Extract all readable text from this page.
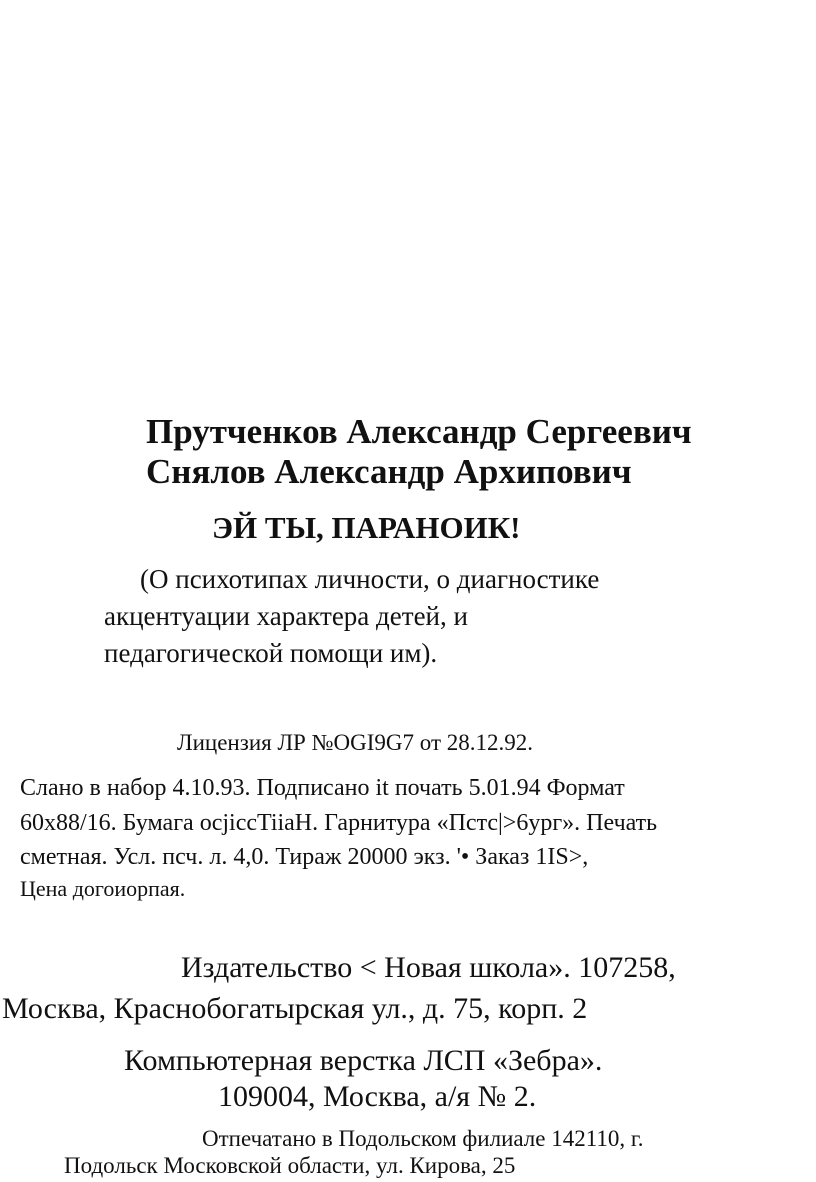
Прутченков Александр Сергеевич
Снялов Александр Архипович
ЭЙ ТЫ, ПАРАНОИК!
(О психотипах личности, о диагностике
акцентуации характера детей, и
педагогической помощи им).
Лицензия ЛР №OGI9G7 от 28.12.92.
Слано в набор 4.10.93. Подписано it почать 5.01.94 Формат
60x88/16. Бумага ocjiccTiiaH. Гарнитура «Пстс|>6ург». Печать
сметная. Усл. псч. л. 4,0. Тираж 20000 экз. '• Заказ 1IS>,
Цена догоиорпая.
Издательство < Новая школа». 107258,
Москва, Краснобогатырская ул., д. 75, корп. 2
Компьютерная верстка ЛСП «Зебра».
109004, Москва, а/я № 2.
Отпечатано в Подольском филиале 142110, г.
Подольск Московской области, ул. Кирова, 25
